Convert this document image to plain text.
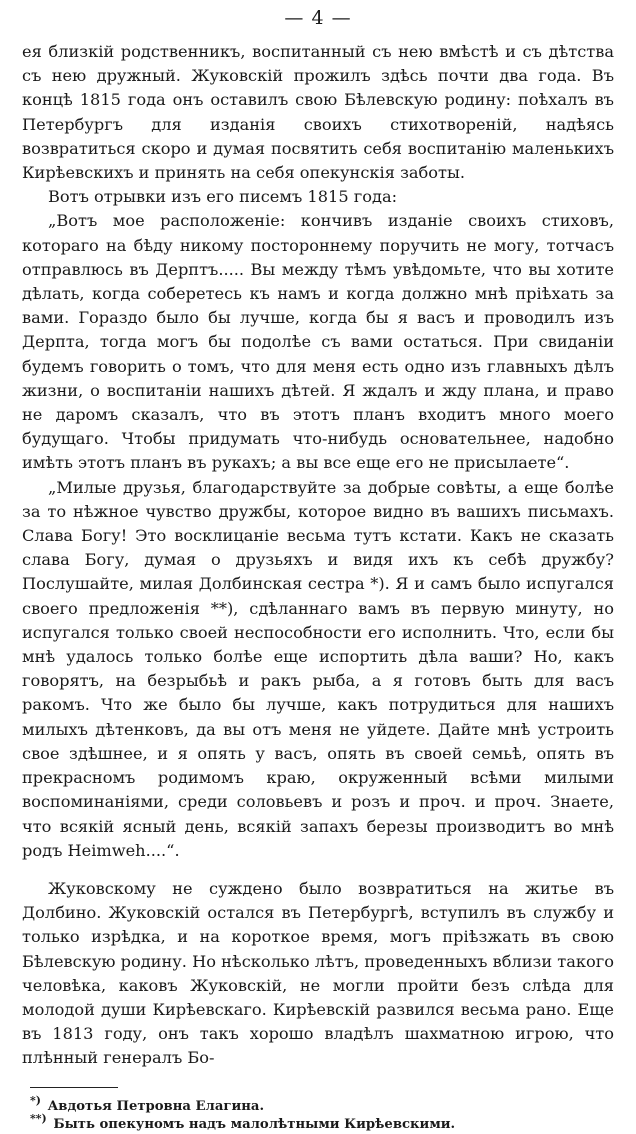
— 4 —

ея близкій родственникъ, воспитанный съ нею вмѣстѣ и съ дѣтства съ нею дружный. Жуковскій прожилъ здѣсь почти два года. Въ концѣ 1815 года онъ оставилъ свою Бѣлевскую родину: поѣхалъ въ Петербургъ для изданія своихъ стихотвореній, надѣясь возвратиться скоро и думая посвятить себя воспитанію маленькихъ Кирѣевскихъ и принять на себя опекунскія заботы.

Вотъ отрывки изъ его писемъ 1815 года:

„Вотъ мое расположеніе: кончивъ изданіе своихъ стиховъ, котораго на бѣду никому постороннему поручить не могу, тотчасъ отправлюсь въ Дерптъ..... Вы между тѣмъ увѣдомьте, что вы хотите дѣлать, когда соберетесь къ намъ и когда должно мнѣ пріѣхать за вами. Гораздо было бы лучше, когда бы я васъ и проводилъ изъ Дерпта, тогда могъ бы подолѣе съ вами остаться. При свиданіи будемъ говорить о томъ, что для меня есть одно изъ главныхъ дѣлъ жизни, о воспитаніи нашихъ дѣтей. Я ждалъ и жду плана, и право не даромъ сказалъ, что въ этотъ планъ входитъ много моего будущаго. Чтобы придумать что-нибудь основательнее, надобно имѣть этотъ планъ въ рукахъ; а вы все еще его не присылаете“.

„Милые друзья, благодарствуйте за добрые совѣты, а еще болѣе за то нѣжное чувство дружбы, которое видно въ вашихъ письмахъ. Слава Богу! Это восклицаніе весьма тутъ кстати. Какъ не сказать слава Богу, думая о друзьяхъ и видя ихъ къ себѣ дружбу? Послушайте, милая Долбинская сестра *). Я и самъ было испугался своего предложенія **), сдѣланнаго вамъ въ первую минуту, но испугался только своей неспособности его исполнить. Что, если бы мнѣ удалось только болѣе еще испортить дѣла ваши? Но, какъ говорятъ, на безрыбьѣ и ракъ рыба, а я готовъ быть для васъ ракомъ. Что же было бы лучше, какъ потрудиться для нашихъ милыхъ дѣтенковъ, да вы отъ меня не уйдете. Дайте мнѣ устроить свое здѣшнее, и я опять у васъ, опять въ своей семьѣ, опять въ прекрасномъ родимомъ краю, окруженный всѣми милыми воспоминаніями, среди соловьевъ и розъ и проч. и проч. Знаете, что всякій ясный день, всякій запахъ березы производитъ во мнѣ родъ Heimweh....“.

Жуковскому не суждено было возвратиться на житье въ Долбино. Жуковскій остался въ Петербургѣ, вступилъ въ службу и только изрѣдка, и на короткое время, могъ пріѣзжать въ свою Бѣлевскую родину. Но нѣсколько лѣтъ, проведенныхъ вблизи такого человѣка, каковъ Жуковскій, не могли пройти безъ слѣда для молодой души Кирѣевскаго. Кирѣевскій развился весьма рано. Еще въ 1813 году, онъ такъ хорошо владѣлъ шахматною игрою, что плѣнный генералъ Бо-

*) Авдотья Петровна Елагина.
**) Быть опекуномъ надъ малолѣтными Кирѣевскими.
